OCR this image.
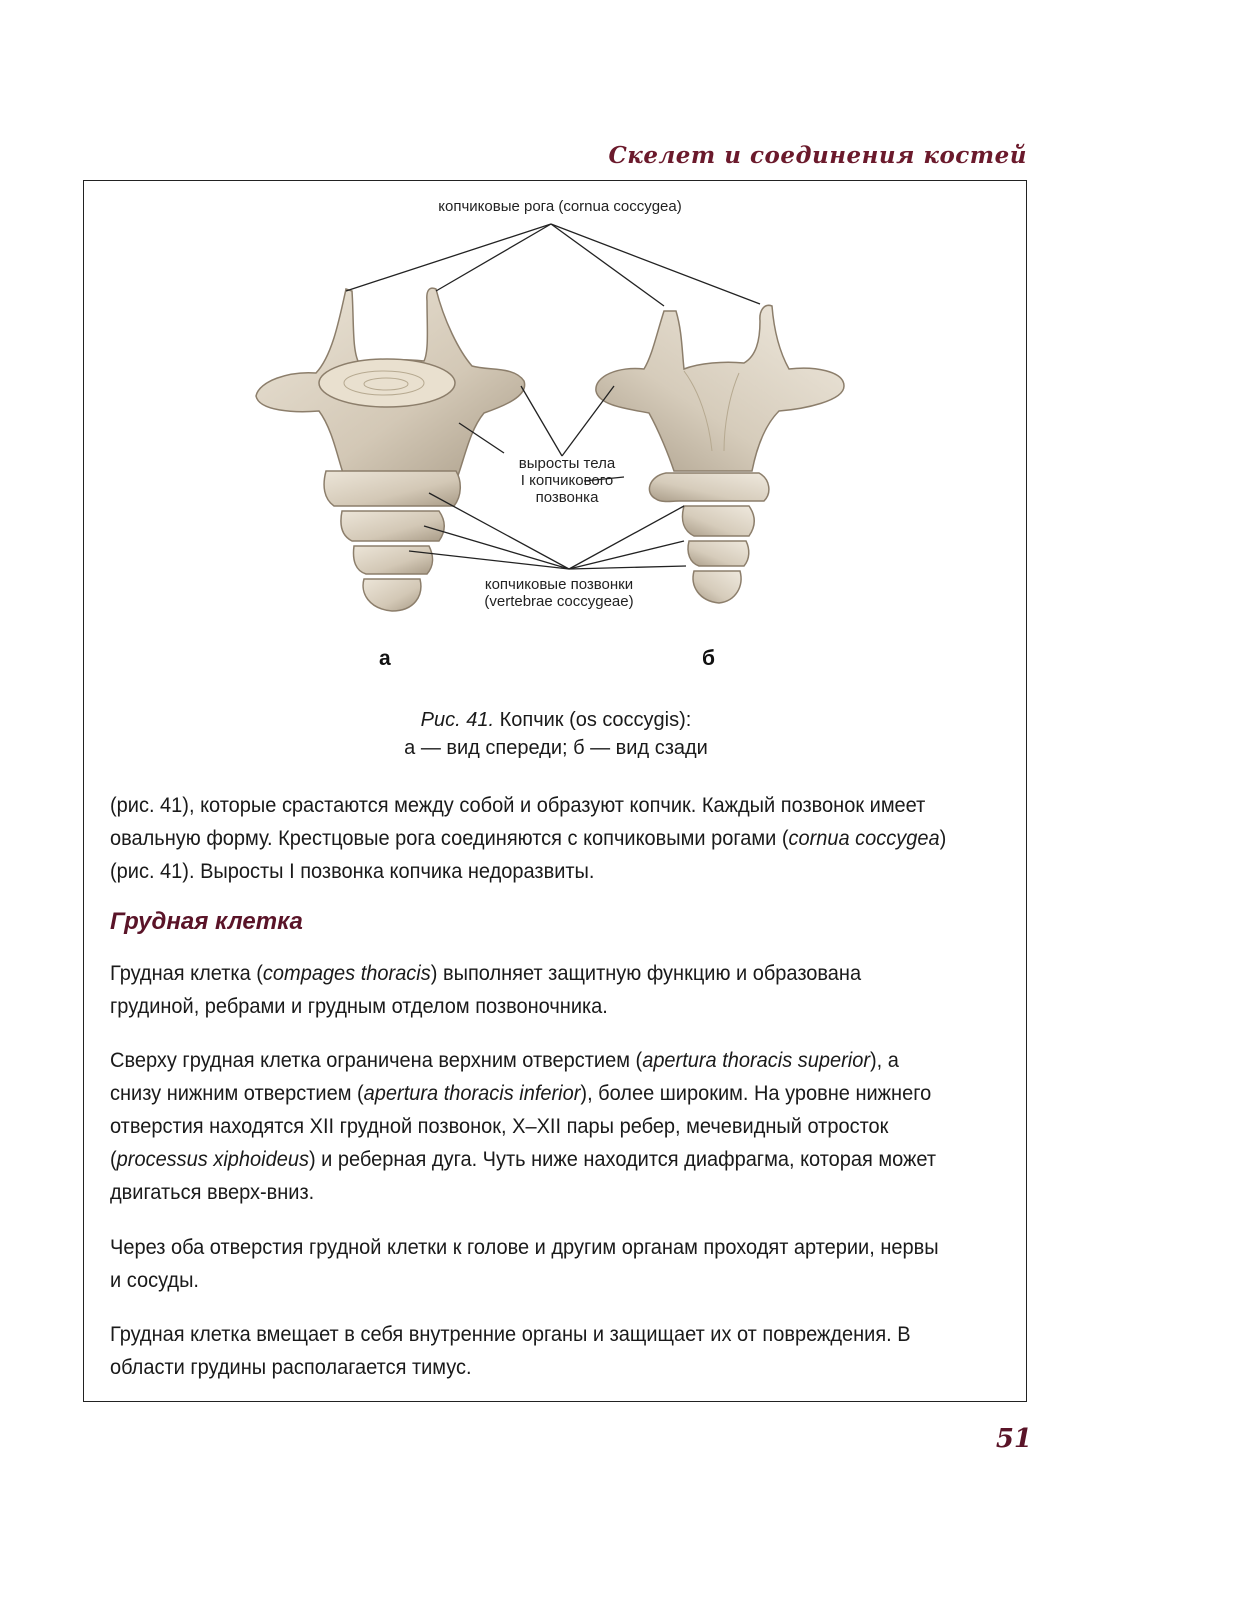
Скелет и соединения костей
копчиковые рога (cornua coccygea)
выросты тела
I копчикового
позвонка
копчиковые позвонки
(vertebrae coccygeae)
а	б
Рис. 41. Копчик (os coccygis):
а — вид спереди; б — вид сзади

(рис. 41), которые срастаются между собой и образуют копчик. Каждый позвонок имеет овальную форму. Крестцовые рога соединяются с копчиковыми рогами (cornua coccygea) (рис. 41). Выросты I позвонка копчика недоразвиты.

Грудная клетка

Грудная клетка (compages thoracis) выполняет защитную функцию и образована грудиной, ребрами и грудным отделом позвоночника.

Сверху грудная клетка ограничена верхним отверстием (apertura thoracis superior), а снизу нижним отверстием (apertura thoracis inferior), более широким. На уровне нижнего отверстия находятся XII грудной позвонок, X–XII пары ребер, мечевидный отросток (processus xiphoideus) и реберная дуга. Чуть ниже находится диафрагма, которая может двигаться вверх-вниз.

Через оба отверстия грудной клетки к голове и другим органам проходят артерии, нервы и сосуды.

Грудная клетка вмещает в себя внутренние органы и защищает их от повреждения. В области грудины располагается тимус.

51
